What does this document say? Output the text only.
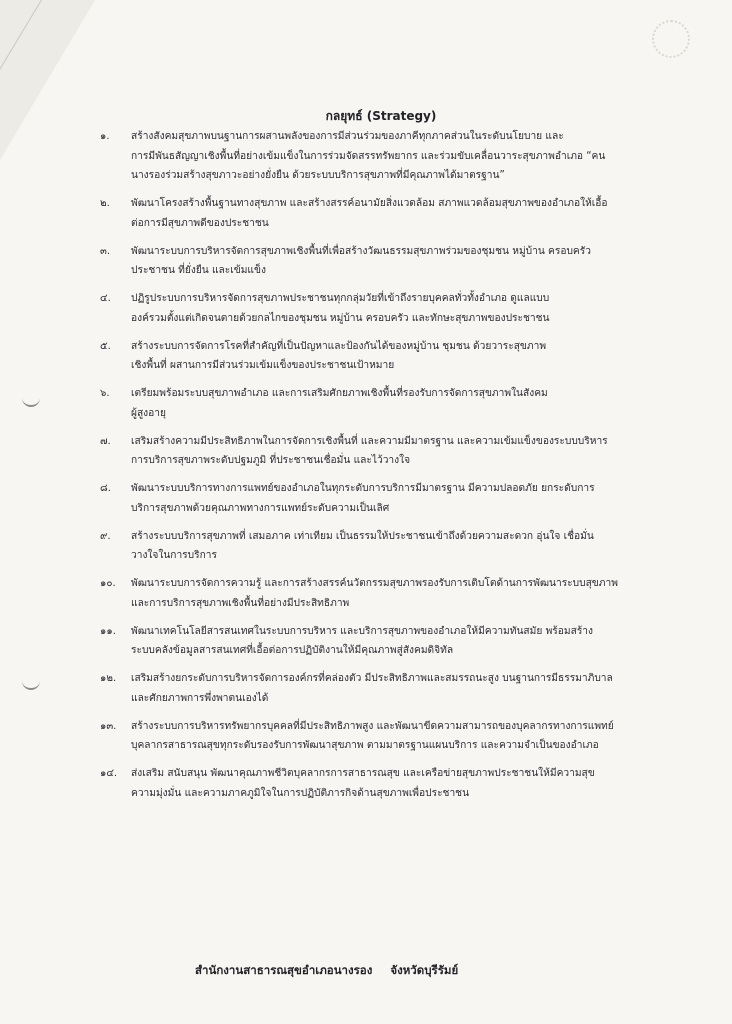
กลยุทธ์ (Strategy)
๑.	สร้างสังคมสุขภาพบนฐานการผสานพลังของการมีส่วนร่วมของภาคีทุกภาคส่วนในระดับนโยบาย และ
การมีพันธสัญญาเชิงพื้นที่อย่างเข้มแข็งในการร่วมจัดสรรทรัพยากร และร่วมขับเคลื่อนวาระสุขภาพอำเภอ “คน
นางรองร่วมสร้างสุขภาวะอย่างยั่งยืน ด้วยระบบบริการสุขภาพที่มีคุณภาพได้มาตรฐาน”
๒.	พัฒนาโครงสร้างพื้นฐานทางสุขภาพ และสร้างสรรค์อนามัยสิ่งแวดล้อม สภาพแวดล้อมสุขภาพของอำเภอให้เอื้อ
ต่อการมีสุขภาพดีของประชาชน
๓.	พัฒนาระบบการบริหารจัดการสุขภาพเชิงพื้นที่เพื่อสร้างวัฒนธรรมสุขภาพร่วมของชุมชน หมู่บ้าน ครอบครัว
ประชาชน ที่ยั่งยืน และเข้มแข็ง
๔.	ปฏิรูประบบการบริหารจัดการสุขภาพประชาชนทุกกลุ่มวัยที่เข้าถึงรายบุคคลทั่วทั้งอำเภอ ดูแลแบบ
องค์รวมตั้งแต่เกิดจนตายด้วยกลไกของชุมชน หมู่บ้าน ครอบครัว และทักษะสุขภาพของประชาชน
๕.	สร้างระบบการจัดการโรคที่สำคัญที่เป็นปัญหาและป้องกันได้ของหมู่บ้าน ชุมชน ด้วยวาระสุขภาพ
เชิงพื้นที่ ผสานการมีส่วนร่วมเข้มแข็งของประชาชนเป้าหมาย
๖.	เตรียมพร้อมระบบสุขภาพอำเภอ และการเสริมศักยภาพเชิงพื้นที่รองรับการจัดการสุขภาพในสังคม
ผู้สูงอายุ
๗.	เสริมสร้างความมีประสิทธิภาพในการจัดการเชิงพื้นที่ และความมีมาตรฐาน และความเข้มแข็งของระบบบริหาร
การบริการสุขภาพระดับปฐมภูมิ ที่ประชาชนเชื่อมั่น และไว้วางใจ
๘.	พัฒนาระบบบริการทางการแพทย์ของอำเภอในทุกระดับการบริการมีมาตรฐาน มีความปลอดภัย ยกระดับการ
บริการสุขภาพด้วยคุณภาพทางการแพทย์ระดับความเป็นเลิศ
๙.	สร้างระบบบริการสุขภาพที่ เสมอภาค เท่าเทียม เป็นธรรมให้ประชาชนเข้าถึงด้วยความสะดวก อุ่นใจ เชื่อมั่น
วางใจในการบริการ
๑๐.	พัฒนาระบบการจัดการความรู้ และการสร้างสรรค์นวัตกรรมสุขภาพรองรับการเติบโตด้านการพัฒนาระบบสุขภาพ
และการบริการสุขภาพเชิงพื้นที่อย่างมีประสิทธิภาพ
๑๑.	พัฒนาเทคโนโลยีสารสนเทศในระบบการบริหาร และบริการสุขภาพของอำเภอให้มีความทันสมัย พร้อมสร้าง
ระบบคลังข้อมูลสารสนเทศที่เอื้อต่อการปฏิบัติงานให้มีคุณภาพสู่สังคมดิจิทัล
๑๒.	เสริมสร้างยกระดับการบริหารจัดการองค์กรที่คล่องตัว มีประสิทธิภาพและสมรรถนะสูง บนฐานการมีธรรมาภิบาล
และศักยภาพการพึ่งพาตนเองได้
๑๓.	สร้างระบบการบริหารทรัพยากรบุคคลที่มีประสิทธิภาพสูง และพัฒนาขีดความสามารถของบุคลากรทางการแพทย์
บุคลากรสาธารณสุขทุกระดับรองรับการพัฒนาสุขภาพ ตามมาตรฐานแผนบริการ และความจำเป็นของอำเภอ
๑๔.	ส่งเสริม สนับสนุน พัฒนาคุณภาพชีวิตบุคลากรการสาธารณสุข และเครือข่ายสุขภาพประชาชนให้มีความสุข
ความมุ่งมั่น และความภาคภูมิใจในการปฏิบัติภารกิจด้านสุขภาพเพื่อประชาชน
สำนักงานสาธารณสุขอำเภอนางรอง จังหวัดบุรีรัมย์
